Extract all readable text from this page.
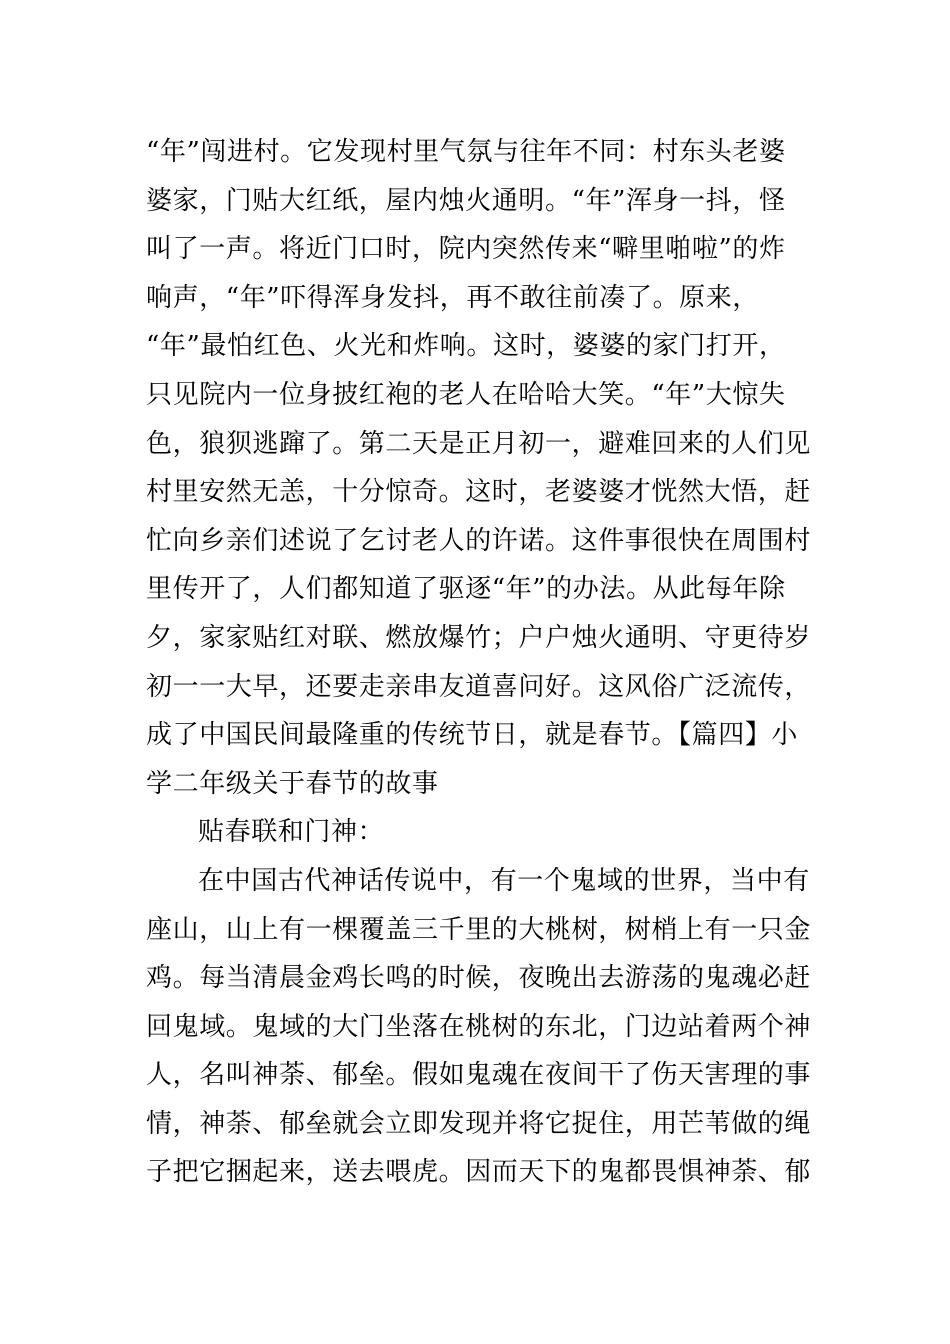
“年”闯进村。它发现村里气氛与往年不同：村东头老婆
婆家，门贴大红纸，屋内烛火通明。“年”浑身一抖，怪
叫了一声。将近门口时，院内突然传来“噼里啪啦”的炸
响声，“年”吓得浑身发抖，再不敢往前凑了。原来，
“年”最怕红色、火光和炸响。这时，婆婆的家门打开，
只见院内一位身披红袍的老人在哈哈大笑。“年”大惊失
色，狼狈逃蹿了。第二天是正月初一，避难回来的人们见
村里安然无恙，十分惊奇。这时，老婆婆才恍然大悟，赶
忙向乡亲们述说了乞讨老人的许诺。这件事很快在周围村
里传开了，人们都知道了驱逐“年”的办法。从此每年除
夕，家家贴红对联、燃放爆竹；户户烛火通明、守更待岁
初一一大早，还要走亲串友道喜问好。这风俗广泛流传，
成了中国民间最隆重的传统节日，就是春节。【篇四】小
学二年级关于春节的故事
贴春联和门神：
在中国古代神话传说中，有一个鬼域的世界，当中有
座山，山上有一棵覆盖三千里的大桃树，树梢上有一只金
鸡。每当清晨金鸡长鸣的时候，夜晚出去游荡的鬼魂必赶
回鬼域。鬼域的大门坐落在桃树的东北，门边站着两个神
人，名叫神荼、郁垒。假如鬼魂在夜间干了伤天害理的事
情，神荼、郁垒就会立即发现并将它捉住，用芒苇做的绳
子把它捆起来，送去喂虎。因而天下的鬼都畏惧神荼、郁
